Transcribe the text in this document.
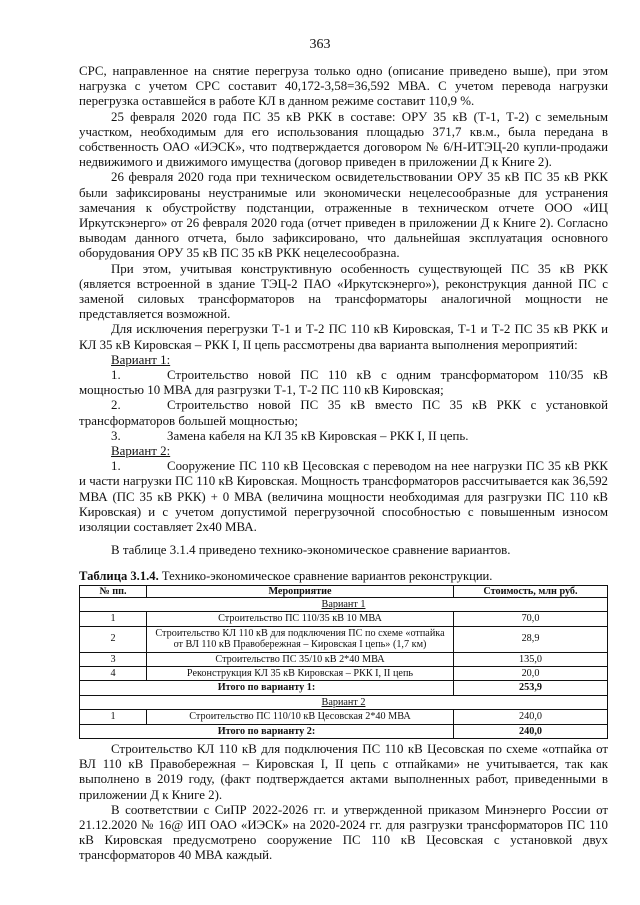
363

СРС, направленное на снятие перегруза только одно (описание приведено выше), при этом нагрузка с учетом СРС составит 40,172-3,58=36,592 МВА. С учетом перевода нагрузки перегрузка оставшейся в работе КЛ в данном режиме составит 110,9 %.

25 февраля 2020 года ПС 35 кВ РКК в составе: ОРУ 35 кВ (Т-1, Т-2) с земельным участком, необходимым для его использования площадью 371,7 кв.м., была передана в собственность ОАО «ИЭСК», что подтверждается договором № 6/Н-ИТЭЦ-20 купли-продажи недвижимого и движимого имущества (договор приведен в приложении Д к Книге 2).

26 февраля 2020 года при техническом освидетельствовании ОРУ 35 кВ ПС 35 кВ РКК были зафиксированы неустранимые или экономически нецелесообразные для устранения замечания к обустройству подстанции, отраженные в техническом отчете ООО «ИЦ Иркутскэнерго» от 26 февраля 2020 года (отчет приведен в приложении Д к Книге 2). Согласно выводам данного отчета, было зафиксировано, что дальнейшая эксплуатация основного оборудования ОРУ 35 кВ ПС 35 кВ РКК нецелесообразна.

При этом, учитывая конструктивную особенность существующей ПС 35 кВ РКК (является встроенной в здание ТЭЦ-2 ПАО «Иркутскэнерго»), реконструкция данной ПС с заменой силовых трансформаторов на трансформаторы аналогичной мощности не представляется возможной.

Для исключения перегрузки Т-1 и Т-2 ПС 110 кВ Кировская, Т-1 и Т-2 ПС 35 кВ РКК и КЛ 35 кВ Кировская – РКК I, II цепь рассмотрены два варианта выполнения мероприятий:

Вариант 1:

1.	Строительство новой ПС 110 кВ с одним трансформатором 110/35 кВ мощностью 10 МВА для разгрузки Т-1, Т-2 ПС 110 кВ Кировская;

2.	Строительство новой ПС 35 кВ вместо ПС 35 кВ РКК с установкой трансформаторов большей мощностью;

3.	Замена кабеля на КЛ 35 кВ Кировская – РКК I, II цепь.

Вариант 2:

1.	Сооружение ПС 110 кВ Цесовская с переводом на нее нагрузки ПС 35 кВ РКК и части нагрузки ПС 110 кВ Кировская. Мощность трансформаторов рассчитывается как 36,592 МВА (ПС 35 кВ РКК) + 0 МВА (величина мощности необходимая для разгрузки ПС 110 кВ Кировская) и с учетом допустимой перегрузочной способностью с повышенным износом изоляции составляет 2x40 МВА.

В таблице 3.1.4 приведено технико-экономическое сравнение вариантов.

Таблица 3.1.4. Технико-экономическое сравнение вариантов реконструкции.

№ пп.	Мероприятие	Стоимость, млн руб.
Вариант 1		
1	Строительство ПС 110/35 кВ 10 МВА	70,0
2	Строительство КЛ 110 кВ для подключения ПС по схеме «отпайка от ВЛ 110 кВ Правобережная – Кировская I цепь» (1,7 км)	28,9
3	Строительство ПС 35/10 кВ 2*40 МВА	135,0
4	Реконструкция КЛ 35 кВ Кировская – РКК I, II цепь	20,0
Итого по варианту 1:		253,9
Вариант 2		
1	Строительство ПС 110/10 кВ Цесовская 2*40 МВА	240,0
Итого по варианту 2:		240,0

Строительство КЛ 110 кВ для подключения ПС 110 кВ Цесовская по схеме «отпайка от ВЛ 110 кВ Правобережная – Кировская I, II цепь с отпайками» не учитывается, так как выполнено в 2019 году, (факт подтверждается актами выполненных работ, приведенными в приложении Д к Книге 2).

В соответствии с СиПР 2022-2026 гг. и утвержденной приказом Минэнерго России от 21.12.2020 № 16@ ИП ОАО «ИЭСК» на 2020-2024 гг. для разгрузки трансформаторов ПС 110 кВ Кировская предусмотрено сооружение ПС 110 кВ Цесовская с установкой двух трансформаторов 40 МВА каждый.
